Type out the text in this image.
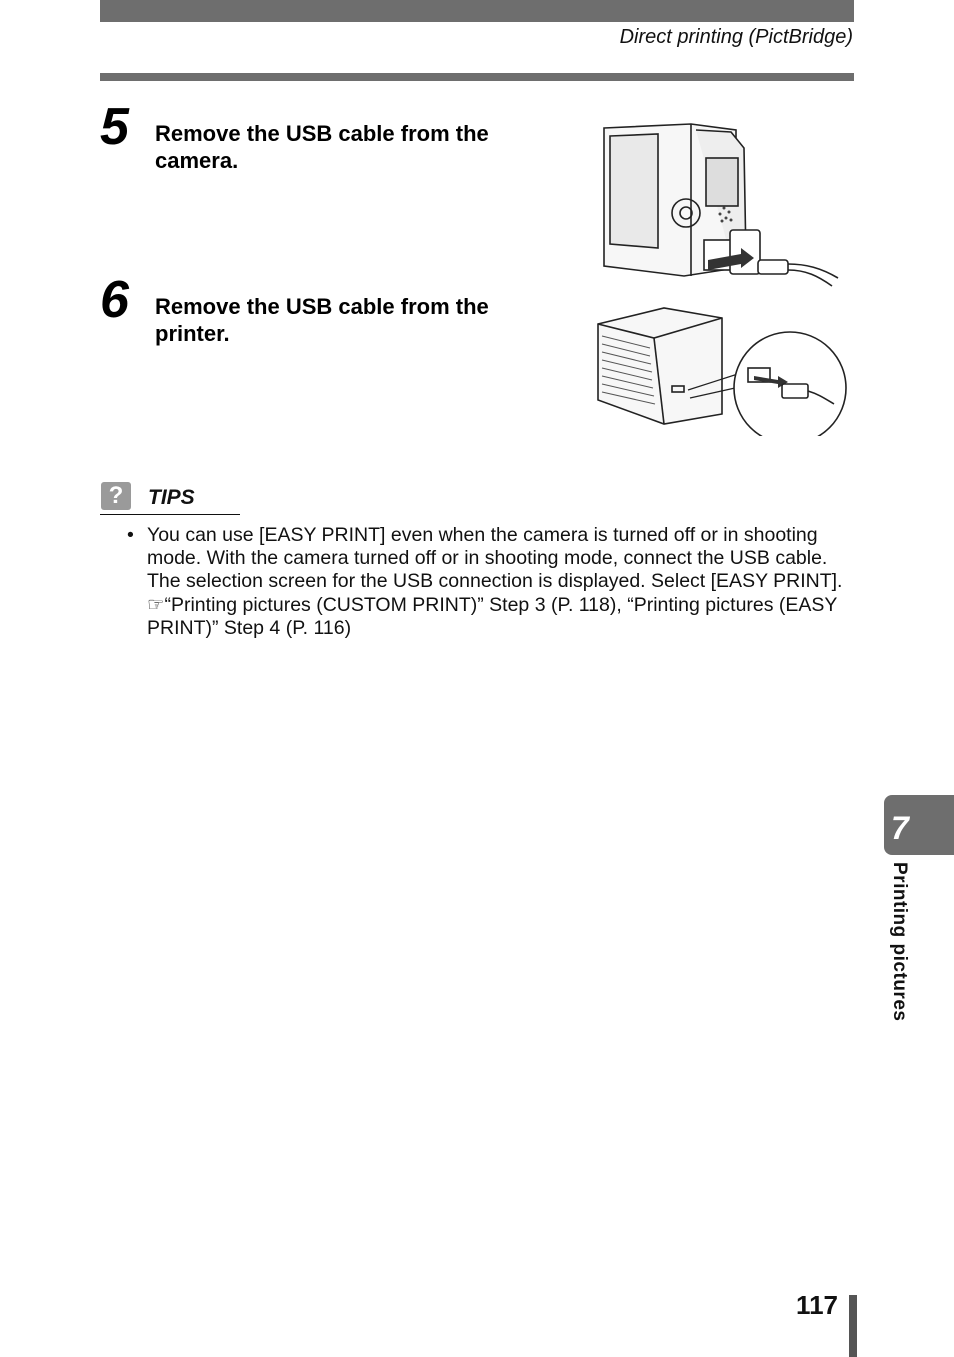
Direct printing (PictBridge)
5 Remove the USB cable from the camera.
6 Remove the USB cable from the printer.
?	TIPS
• You can use [EASY PRINT] even when the camera is turned off or in shooting mode. With the camera turned off or in shooting mode, connect the USB cable. The selection screen for the USB connection is displayed. Select [EASY PRINT]. ☞“Printing pictures (CUSTOM PRINT)” Step 3 (P. 118), “Printing pictures (EASY PRINT)” Step 4 (P. 116)
7
Printing pictures
117
